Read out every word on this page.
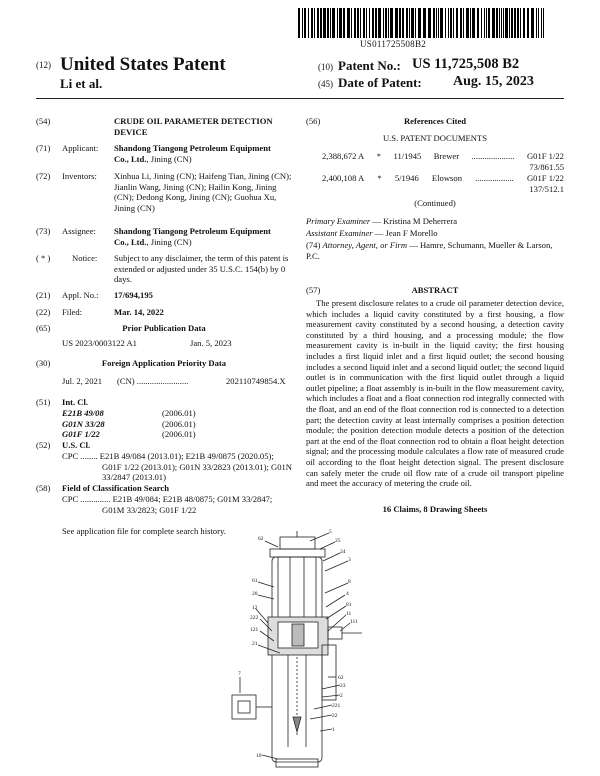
US011725508B2
(12) United States Patent
Li et al.
(10) Patent No.: US 11,725,508 B2
(45) Date of Patent: Aug. 15, 2023
(54)	CRUDE OIL PARAMETER DETECTION DEVICE
(71) Applicant: Shandong Tiangong Petroleum Equipment Co., Ltd., Jining (CN)
(72) Inventors: Xinhua Li, Jining (CN); Haifeng Tian, Jining (CN); Jianlin Wang, Jining (CN); Hailin Kong, Jining (CN); Dedong Kong, Jining (CN); Guohua Xu, Jining (CN)
(73) Assignee: Shandong Tiangong Petroleum Equipment Co., Ltd., Jining (CN)
( * )	Notice: Subject to any disclaimer, the term of this patent is extended or adjusted under 35 U.S.C. 154(b) by 0 days.
(21) Appl. No.: 17/694,195
(22) Filed:	Mar. 14, 2022
(65)	Prior Publication Data
US 2023/0003122 A1	Jan. 5, 2023
(30)	Foreign Application Priority Data
Jul. 2, 2021 (CN) ........................	202110749854.X
(51) Int. Cl.
E21B 49/08	(2006.01)
G01N 33/28	(2006.01)
G01F 1/22	(2006.01)
(52) U.S. Cl.
CPC ........ E21B 49/084 (2013.01); E21B 49/0875 (2020.05); G01F 1/22 (2013.01); G01N 33/2823 (2013.01); G01N 33/2847 (2013.01)
(58) Field of Classification Search
CPC .............. E21B 49/084; E21B 48/0875; G01M 33/2847; G01M 33/2823; G01F 1/22
See application file for complete search history.
(56)	References Cited
U.S. PATENT DOCUMENTS
2,388,672 A * 11/1945 Brewer .................... G01F 1/22
73/861.55
2,400,108 A * 5/1946 Elowson .................. G01F 1/22
137/512.1
(Continued)
Primary Examiner — Kristina M Deherrera
Assistant Examiner — Jean F Morello
(74) Attorney, Agent, or Firm — Hamre, Schumann, Mueller & Larson, P.C.
(57)	ABSTRACT

The present disclosure relates to a crude oil parameter detection device, which includes a liquid cavity constituted by a first housing, a flow measurement cavity constituted by a second housing, a detection cavity constituted by a third housing, and a processing module; the flow measurement cavity is in-built in the liquid cavity; the first housing includes a first liquid inlet and a first liquid outlet; the second housing includes a second liquid inlet and a second liquid outlet; the second liquid outlet is in communication with the first liquid outlet through a liquid outlet pipeline; a float assembly is in-built in the flow measurement cavity, which includes a float and a float connection rod integrally connected with the float, and an end of the float connection rod is connected to a detection part; the detection cavity at least internally comprises a position detection module; the position detection module detects a position of the detection part at the end of the float connection rod to obtain a float height detection signal; and the processing module calculates a flow rate of measured crude oil according to the float height detection signal. The present disclosure can safely meter the crude oil flow rate of a crude oil transport pipeline and meet the accuracy of metering the crude oil.

16 Claims, 8 Drawing Sheets
62
5
25
24
3
61	8
20	4
81
12
11
111
222
121
21
62
23
2
7
221
22
10
1
